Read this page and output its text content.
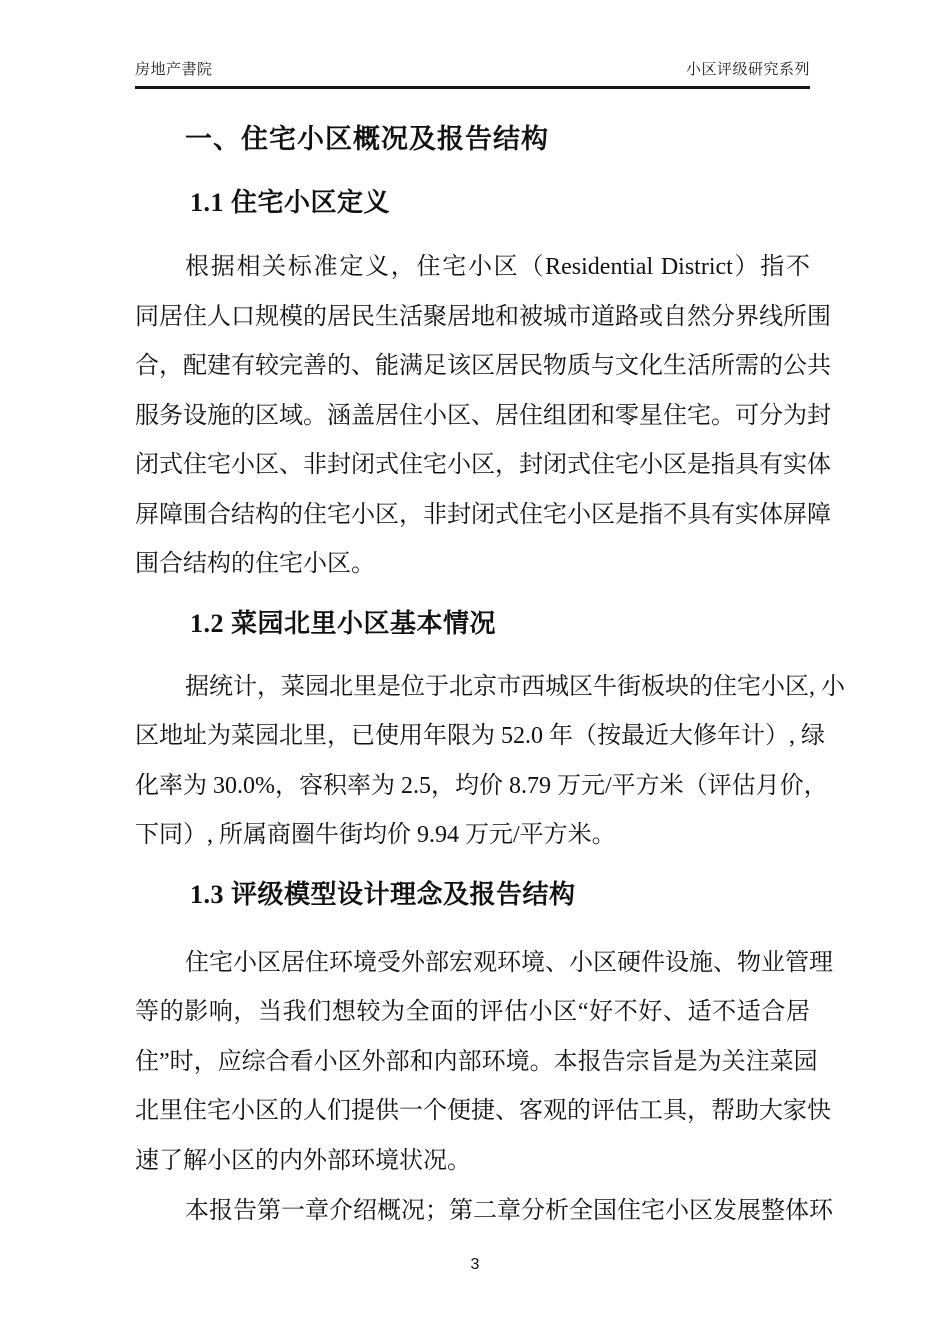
房地产書院	小区评级研究系列
一、住宅小区概况及报告结构
1.1 住宅小区定义
根据相关标准定义，住宅小区（Residential District）指不
同居住人口规模的居民生活聚居地和被城市道路或自然分界线所围
合，配建有较完善的、能满足该区居民物质与文化生活所需的公共
服务设施的区域。涵盖居住小区、居住组团和零星住宅。可分为封
闭式住宅小区、非封闭式住宅小区，封闭式住宅小区是指具有实体
屏障围合结构的住宅小区，非封闭式住宅小区是指不具有实体屏障
围合结构的住宅小区。
1.2 菜园北里小区基本情况
据统计，菜园北里是位于北京市西城区牛街板块的住宅小区, 小
区地址为菜园北里，已使用年限为 52.0 年（按最近大修年计）, 绿
化率为 30.0%，容积率为 2.5，均价 8.79 万元/平方米（评估月价，
下同）, 所属商圈牛街均价 9.94 万元/平方米。
1.3 评级模型设计理念及报告结构
住宅小区居住环境受外部宏观环境、小区硬件设施、物业管理
等的影响，当我们想较为全面的评估小区“好不好、适不适合居
住”时，应综合看小区外部和内部环境。本报告宗旨是为关注菜园
北里住宅小区的人们提供一个便捷、客观的评估工具，帮助大家快
速了解小区的内外部环境状况。
本报告第一章介绍概况；第二章分析全国住宅小区发展整体环
3
